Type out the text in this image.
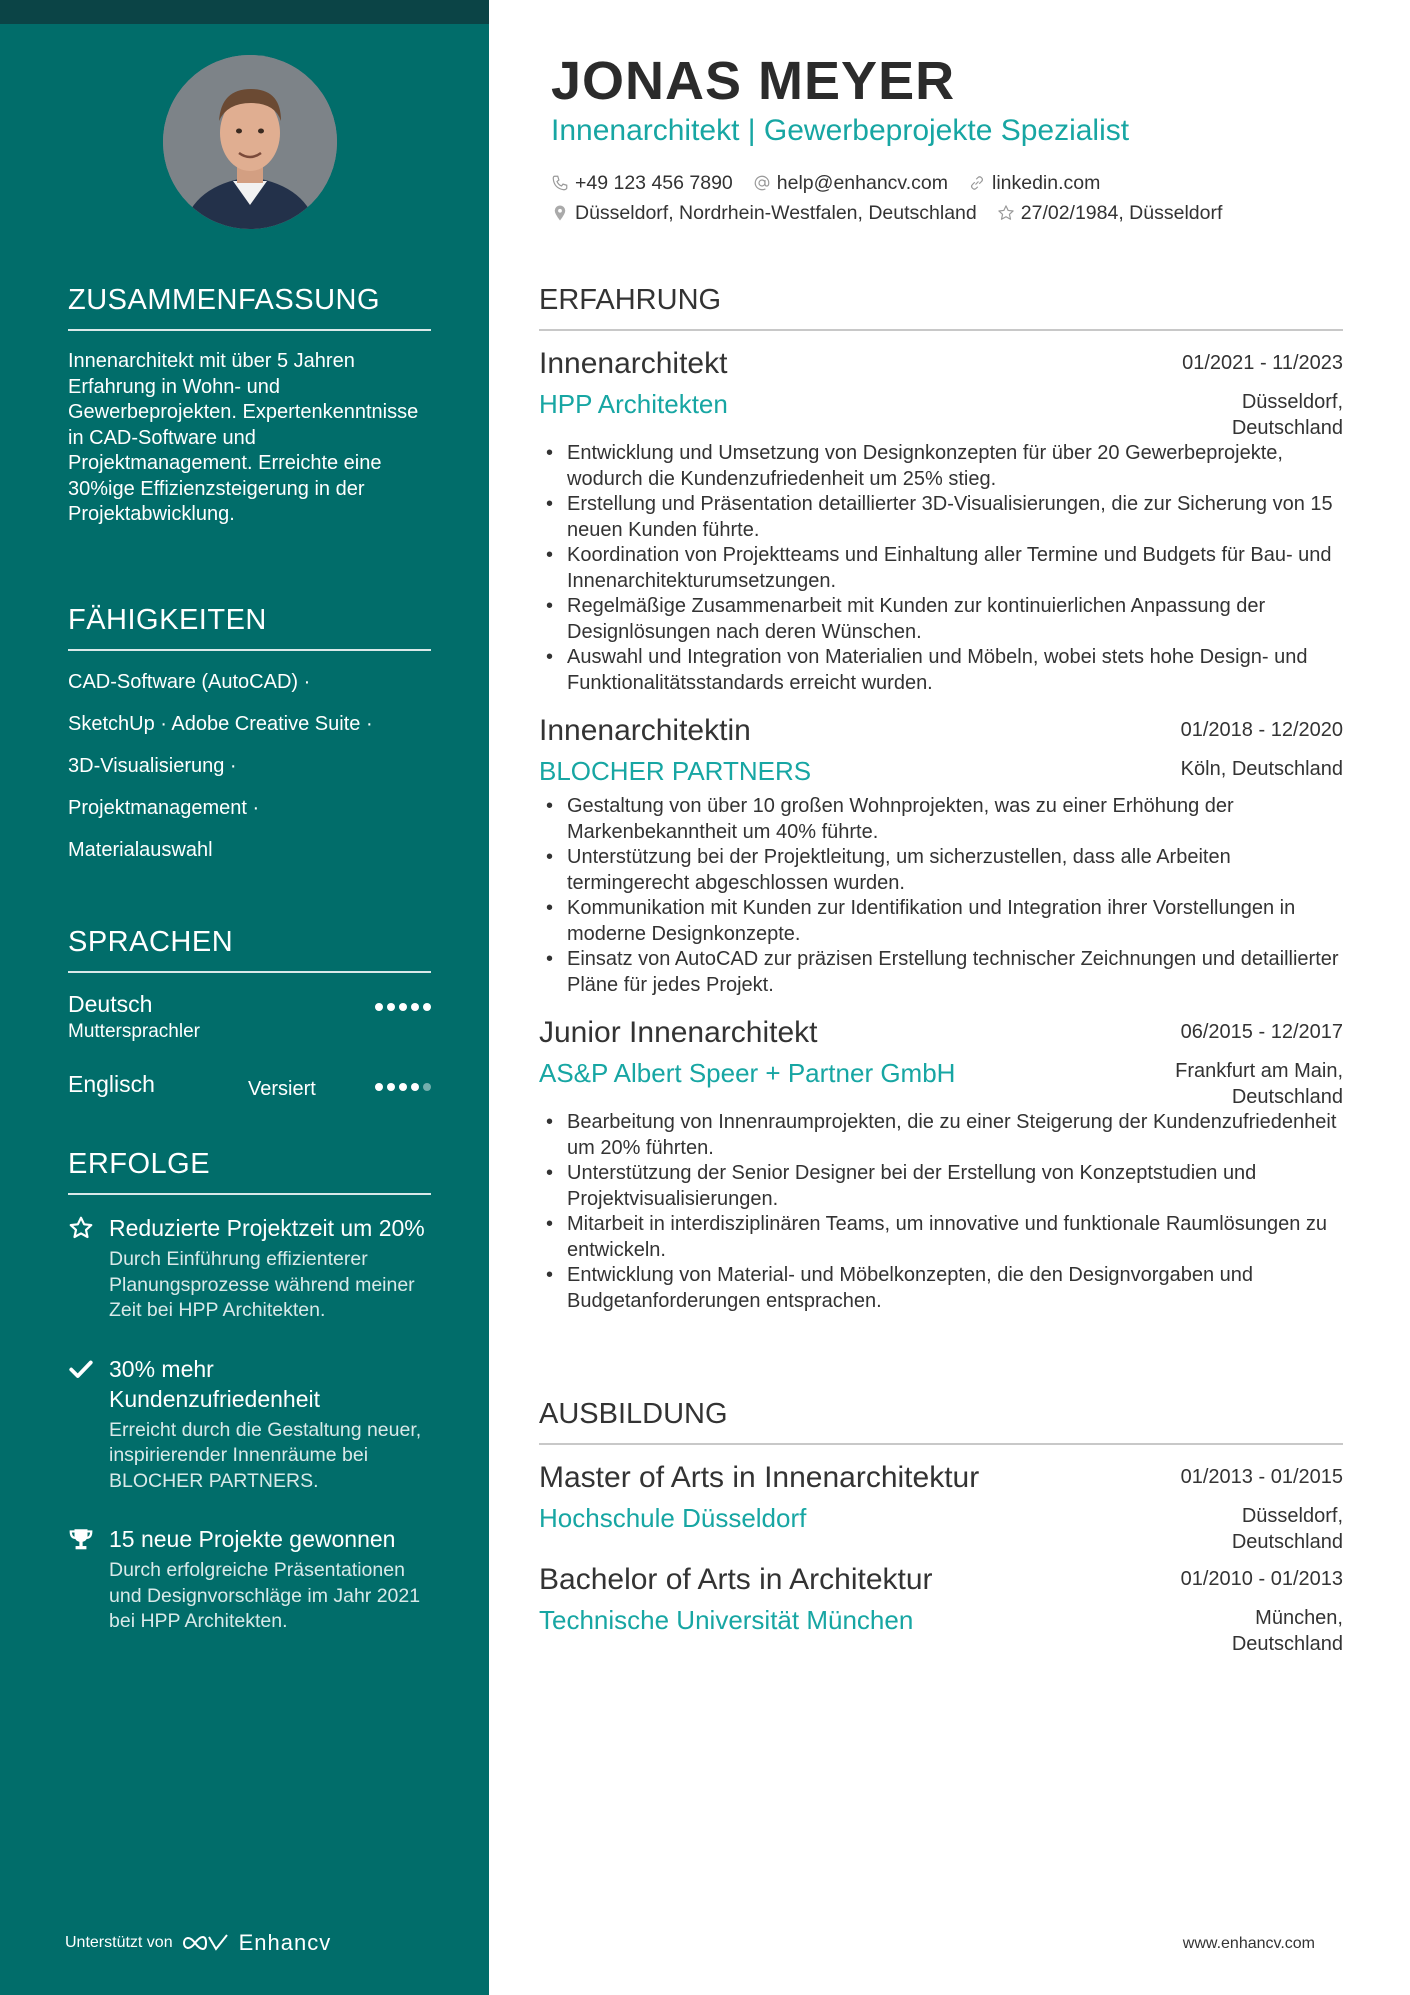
ZUSAMMENFASSUNG
Innenarchitekt mit über 5 Jahren Erfahrung in Wohn- und Gewerbeprojekten. Expertenkenntnisse in CAD-Software und Projektmanagement. Erreichte eine 30%ige Effizienzsteigerung in der Projektabwicklung.
FÄHIGKEITEN
CAD-Software (AutoCAD) ·
SketchUp · Adobe Creative Suite ·
3D-Visualisierung ·
Projektmanagement ·
Materialauswahl
SPRACHEN
Deutsch
Muttersprachler
Englisch	Versiert
ERFOLGE
Reduzierte Projektzeit um 20%
Durch Einführung effizienterer Planungsprozesse während meiner Zeit bei HPP Architekten.
30% mehr Kundenzufriedenheit
Erreicht durch die Gestaltung neuer, inspirierender Innenräume bei BLOCHER PARTNERS.
15 neue Projekte gewonnen
Durch erfolgreiche Präsentationen und Designvorschläge im Jahr 2021 bei HPP Architekten.
Unterstützt von	Enhancv
JONAS MEYER
Innenarchitekt | Gewerbeprojekte Spezialist
+49 123 456 7890 help@enhancv.com linkedin.com
Düsseldorf, Nordrhein-Westfalen, Deutschland 27/02/1984, Düsseldorf
ERFAHRUNG
Innenarchitekt	01/2021 - 11/2023
HPP Architekten	Düsseldorf, Deutschland
• Entwicklung und Umsetzung von Designkonzepten für über 20 Gewerbeprojekte, wodurch die Kundenzufriedenheit um 25% stieg.
• Erstellung und Präsentation detaillierter 3D-Visualisierungen, die zur Sicherung von 15 neuen Kunden führte.
• Koordination von Projektteams und Einhaltung aller Termine und Budgets für Bau- und Innenarchitekturumsetzungen.
• Regelmäßige Zusammenarbeit mit Kunden zur kontinuierlichen Anpassung der Designlösungen nach deren Wünschen.
• Auswahl und Integration von Materialien und Möbeln, wobei stets hohe Design- und Funktionalitätsstandards erreicht wurden.
Innenarchitektin	01/2018 - 12/2020
BLOCHER PARTNERS	Köln, Deutschland
• Gestaltung von über 10 großen Wohnprojekten, was zu einer Erhöhung der Markenbekanntheit um 40% führte.
• Unterstützung bei der Projektleitung, um sicherzustellen, dass alle Arbeiten termingerecht abgeschlossen wurden.
• Kommunikation mit Kunden zur Identifikation und Integration ihrer Vorstellungen in moderne Designkonzepte.
• Einsatz von AutoCAD zur präzisen Erstellung technischer Zeichnungen und detaillierter Pläne für jedes Projekt.
Junior Innenarchitekt	06/2015 - 12/2017
AS&P Albert Speer + Partner GmbH	Frankfurt am Main, Deutschland
• Bearbeitung von Innenraumprojekten, die zu einer Steigerung der Kundenzufriedenheit um 20% führten.
• Unterstützung der Senior Designer bei der Erstellung von Konzeptstudien und Projektvisualisierungen.
• Mitarbeit in interdisziplinären Teams, um innovative und funktionale Raumlösungen zu entwickeln.
• Entwicklung von Material- und Möbelkonzepten, die den Designvorgaben und Budgetanforderungen entsprachen.
AUSBILDUNG
Master of Arts in Innenarchitektur	01/2013 - 01/2015
Hochschule Düsseldorf	Düsseldorf, Deutschland
Bachelor of Arts in Architektur	01/2010 - 01/2013
Technische Universität München	München, Deutschland
www.enhancv.com
